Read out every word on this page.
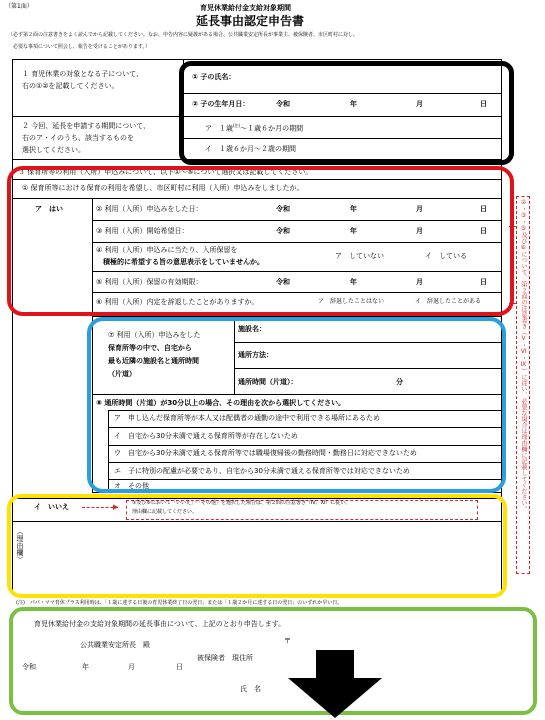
（第1面）	育児休業給付金支給対象期間
延長事由認定申告書
（必ず第２面の注意書きをよく読んでから記載してください。なお、申告内容に疑義がある場合、公共職業安定所長が事業主、被保険者、市区町村に対し、
必要な事項について照会し、報告を受けることがあります。）
１ 育児休業の対象となる子について、
右の①②を記載してください。
① 子の氏名：
② 子の生年月日：	令和	年	月	日
２ 今回、延長を申請する期間について、
右のア・イのうち、該当するものを
選択してください。
ア　１歳$^{(注)}$～１歳６か月の期間
イ　１歳６か月～２歳の期間
３ 保育所等の利用（入所）申込みについて、以下①～⑤について選択又は記載してください。
① 保育所等における保育の利用を希望し、市区町村に利用（入所）申込みをしましたか。
ア　はい	② 利用（入所）申込みをした日：	令和	年	月	日
③ 利用（入所）開始希望日：	令和	年	月	日
④ 利用（入所）申込みに当たり、入所保留を
積極的に希望する旨の意思表示をしていませんか。
ア　していない	イ　している
⑤ 利用（入所）保留の有効期限：	令和	年	月	日
⑥ 利用（入所）内定を辞退したことがありますか。	ア　辞退したことはない	イ　辞退したことがある
⑦ 利用（入所）申込みをした
保育所等の中で、自宅から
最も近隣の施設名と通所時間
（片道）
施設名：
通所方法：
通所時間（片道）：	分
⑧ 通所時間（片道）が30分以上の場合、その理由を次から選択してください。
ア　申し込んだ保育所等が本人又は配偶者の通勤の途中で利用できる場所にあるため
イ　自宅から30分未満で通える保育所等が存在しないため
ウ　自宅から30分未満で通える保育所等では職場復帰後の勤務時間・勤務日に対応できないため
エ　子に特別の配慮が必要であり、自宅から30分未満で通える保育所等では対応できないため
オ　その他
イ　いいえ	▶	①及び⑥において「いいえ」・「その他」を選択した場合は、第２面の注意書き（Ⅳ、Ⅺ）に従い、
理由欄に記載してください。
（理由欄）
②・③・⑤及び⑥について、第２面の注意書き（Ⅴ・Ⅵ・Ⅸ）に従い、必要な場合は理由欄に記載してください。
(注)　パパ・ママ育休プラス利用時は、「１歳に達する日後の育児休業終了日の翌日」または「１歳２か月に達する日の翌日」のいずれか早い日。
育児休業給付金の支給対象期間の延長事由について、上記のとおり申告します。
公共職業安定所長　殿	〒
令和	年	月	日
被保険者　現住所
氏　名
